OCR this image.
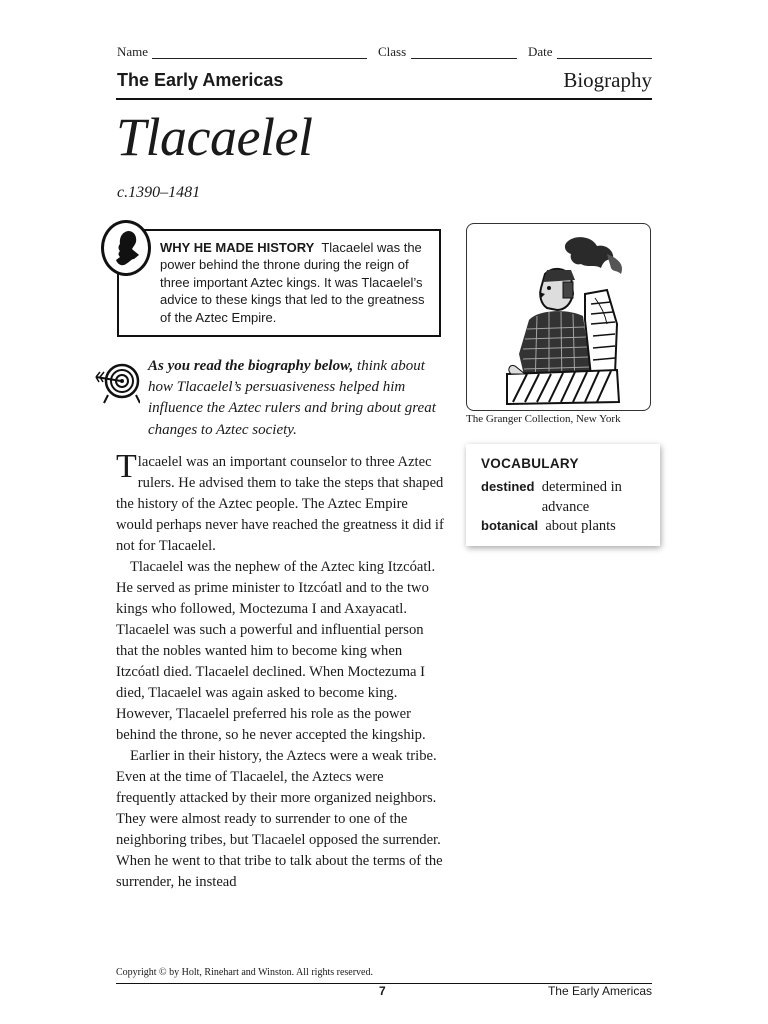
Name	Class	Date
The Early Americas	Biography
Tlacaelel
c.1390–1481
WHY HE MADE HISTORY Tlacaelel was the power behind the throne during the reign of three important Aztec kings. It was Tlacaelel’s advice to these kings that led to the greatness of the Aztec Empire.
As you read the biography below, think about how Tlacaelel’s persuasiveness helped him influence the Aztec rulers and bring about great changes to Aztec society.
The Granger Collection, New York
VOCABULARY
destined determined in advance
botanical about plants

Tlacaelel was an important counselor to three Aztec rulers. He advised them to take the steps that shaped the history of the Aztec people. The Aztec Empire would perhaps never have reached the greatness it did if not for Tlacaelel.

Tlacaelel was the nephew of the Aztec king Itzcóatl. He served as prime minister to Itzcóatl and to the two kings who followed, Moctezuma I and Axayacatl. Tlacaelel was such a powerful and influential person that the nobles wanted him to become king when Itzcóatl died. Tlacaelel declined. When Moctezuma I died, Tlacaelel was again asked to become king. However, Tlacaelel preferred his role as the power behind the throne, so he never accepted the kingship.

Earlier in their history, the Aztecs were a weak tribe. Even at the time of Tlacaelel, the Aztecs were frequently attacked by their more organized neighbors. They were almost ready to surrender to one of the neighboring tribes, but Tlacaelel opposed the surrender. When he went to that tribe to talk about the terms of the surrender, he instead

Copyright © by Holt, Rinehart and Winston. All rights reserved.
7	The Early Americas
